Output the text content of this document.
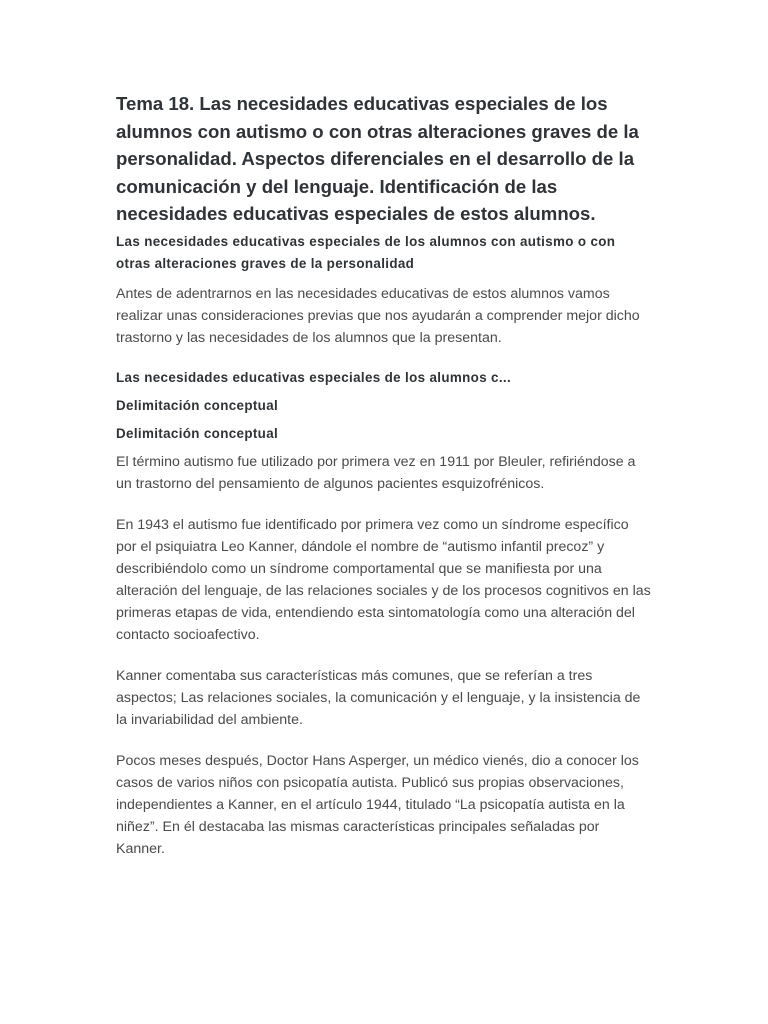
Tema 18. Las necesidades educativas especiales de los alumnos con autismo o con otras alteraciones graves de la personalidad. Aspectos diferenciales en el desarrollo de la comunicación y del lenguaje. Identificación de las necesidades educativas especiales de estos alumnos.
Las necesidades educativas especiales de los alumnos con autismo o con otras alteraciones graves de la personalidad

Antes de adentrarnos en las necesidades educativas de estos alumnos vamos realizar unas consideraciones previas que nos ayudarán a comprender mejor dicho trastorno y las necesidades de los alumnos que la presentan.

Las necesidades educativas especiales de los alumnos c...
Delimitación conceptual
Delimitación conceptual

El término autismo fue utilizado por primera vez en 1911 por Bleuler, refiriéndose a un trastorno del pensamiento de algunos pacientes esquizofrénicos.

En 1943 el autismo fue identificado por primera vez como un síndrome específico por el psiquiatra Leo Kanner, dándole el nombre de “autismo infantil precoz” y describiéndolo como un síndrome comportamental que se manifiesta por una alteración del lenguaje, de las relaciones sociales y de los procesos cognitivos en las primeras etapas de vida, entendiendo esta sintomatología como una alteración del contacto socioafectivo.

Kanner comentaba sus características más comunes, que se referían a tres aspectos; Las relaciones sociales, la comunicación y el lenguaje, y la insistencia de la invariabilidad del ambiente.

Pocos meses después, Doctor Hans Asperger, un médico vienés, dio a conocer los casos de varios niños con psicopatía autista. Publicó sus propias observaciones, independientes a Kanner, en el artículo 1944, titulado “La psicopatía autista en la niñez”. En él destacaba las mismas características principales señaladas por Kanner.
